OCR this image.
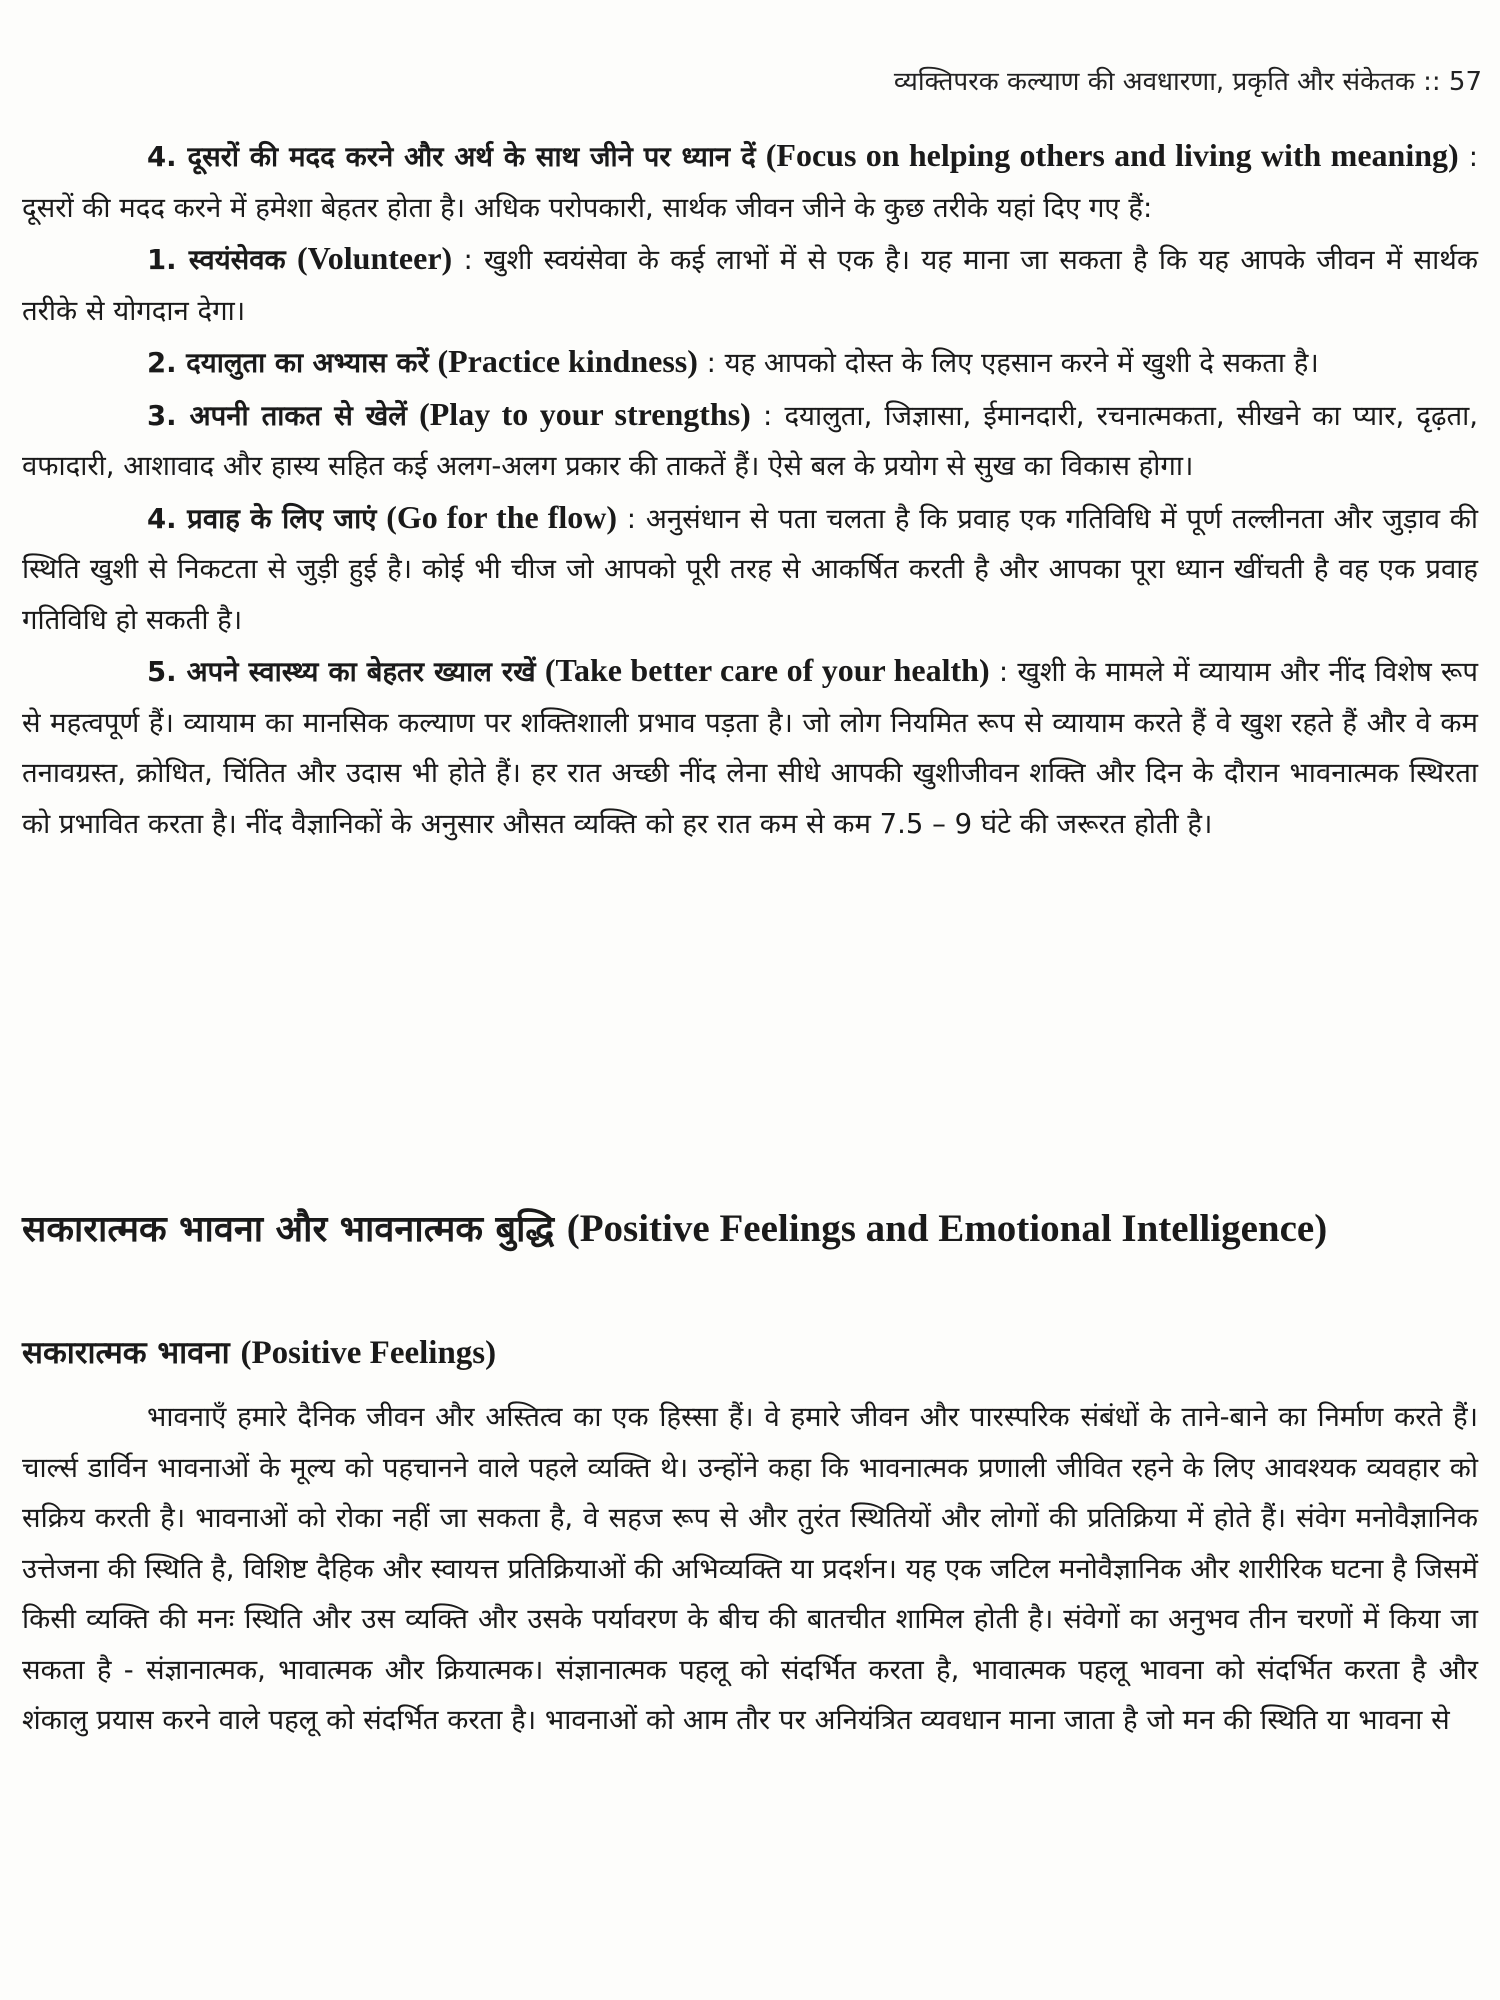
व्यक्तिपरक कल्याण की अवधारणा, प्रकृति और संकेतक :: 57

4. दूसरों की मदद करने और अर्थ के साथ जीने पर ध्यान दें (Focus on helping others and living with meaning) : दूसरों की मदद करने में हमेशा बेहतर होता है। अधिक परोपकारी, सार्थक जीवन जीने के कुछ तरीके यहां दिए गए हैं:

1. स्वयंसेवक (Volunteer) : खुशी स्वयंसेवा के कई लाभों में से एक है। यह माना जा सकता है कि यह आपके जीवन में सार्थक तरीके से योगदान देगा।

2. दयालुता का अभ्यास करें (Practice kindness) : यह आपको दोस्त के लिए एहसान करने में खुशी दे सकता है।

3. अपनी ताकत से खेलें (Play to your strengths) : दयालुता, जिज्ञासा, ईमानदारी, रचनात्मकता, सीखने का प्यार, दृढ़ता, वफादारी, आशावाद और हास्य सहित कई अलग-अलग प्रकार की ताकतें हैं। ऐसे बल के प्रयोग से सुख का विकास होगा।

4. प्रवाह के लिए जाएं (Go for the flow) : अनुसंधान से पता चलता है कि प्रवाह एक गतिविधि में पूर्ण तल्लीनता और जुड़ाव की स्थिति खुशी से निकटता से जुड़ी हुई है। कोई भी चीज जो आपको पूरी तरह से आकर्षित करती है और आपका पूरा ध्यान खींचती है वह एक प्रवाह गतिविधि हो सकती है।

5. अपने स्वास्थ्य का बेहतर ख्याल रखें (Take better care of your health) : खुशी के मामले में व्यायाम और नींद विशेष रूप से महत्वपूर्ण हैं। व्यायाम का मानसिक कल्याण पर शक्तिशाली प्रभाव पड़ता है। जो लोग नियमित रूप से व्यायाम करते हैं वे खुश रहते हैं और वे कम तनावग्रस्त, क्रोधित, चिंतित और उदास भी होते हैं। हर रात अच्छी नींद लेना सीधे आपकी खुशीजीवन शक्ति और दिन के दौरान भावनात्मक स्थिरता को प्रभावित करता है। नींद वैज्ञानिकों के अनुसार औसत व्यक्ति को हर रात कम से कम 7.5 – 9 घंटे की जरूरत होती है।

सकारात्मक भावना और भावनात्मक बुद्धि (Positive Feelings and Emotional Intelligence)
सकारात्मक भावना (Positive Feelings)

भावनाएँ हमारे दैनिक जीवन और अस्तित्व का एक हिस्सा हैं। वे हमारे जीवन और पारस्परिक संबंधों के ताने-बाने का निर्माण करते हैं। चार्ल्स डार्विन भावनाओं के मूल्य को पहचानने वाले पहले व्यक्ति थे। उन्होंने कहा कि भावनात्मक प्रणाली जीवित रहने के लिए आवश्यक व्यवहार को सक्रिय करती है। भावनाओं को रोका नहीं जा सकता है, वे सहज रूप से और तुरंत स्थितियों और लोगों की प्रतिक्रिया में होते हैं। संवेग मनोवैज्ञानिक उत्तेजना की स्थिति है, विशिष्ट दैहिक और स्वायत्त प्रतिक्रियाओं की अभिव्यक्ति या प्रदर्शन। यह एक जटिल मनोवैज्ञानिक और शारीरिक घटना है जिसमें किसी व्यक्ति की मनः स्थिति और उस व्यक्ति और उसके पर्यावरण के बीच की बातचीत शामिल होती है। संवेगों का अनुभव तीन चरणों में किया जा सकता है - संज्ञानात्मक, भावात्मक और क्रियात्मक। संज्ञानात्मक पहलू को संदर्भित करता है, भावात्मक पहलू भावना को संदर्भित करता है और शंकालु प्रयास करने वाले पहलू को संदर्भित करता है। भावनाओं को आम तौर पर अनियंत्रित व्यवधान माना जाता है जो मन की स्थिति या भावना से
